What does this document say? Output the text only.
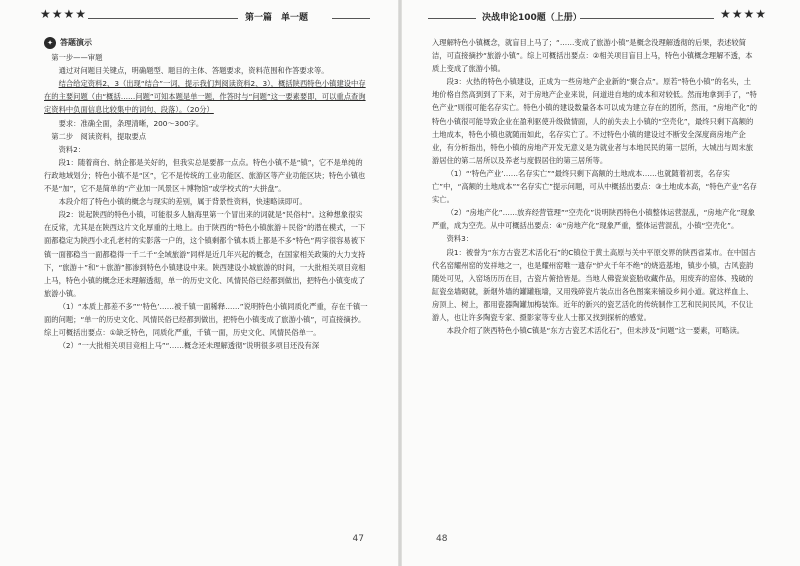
★★★★	第一篇　单一题
✦ 答题演示
第一步——审题

通过对问题目关键点，明确题型、题目的主体、答题要求，资料范围和作答要求等。

结合给定资料2、3（出现“结合”一词，提示我们判阅读资料2、3），概括陕西特色小镇建设中存在的主要问题（由“概括……问题”可知本题是单一题，作答时与“问题”这一要素要即，可以重点查询定资料中负面信息比较集中的词句、段落）。（20分）

要求：准确全面，条理清晰，200～300字。

第二步　阅读资料，提取要点

资料2：

段1：随着商台、纳企都是关好的，但我实总是要都一点点。特色小镇不是“镇”，它不是单纯的行政地域划分；特色小镇不是“区”，它不是传统的工业功能区、旅游区等产业功能区块；特色小镇也不是“加”，它不是简单的“产业加一风景区＋博物馆”或学校式的“大拼盘”。

本段介绍了特色小镇的概念与现实的差别，属于背景性资料，快速略读即可。

段2：说起陕西的特色小镇，可能很多人脑海里第一个冒出来的词就是“民俗村”。这种想象很实在反常，尤其是在陕西这片文化厚重的土地上。由于陕西的“特色小镇旅游＋民俗”的潜在模式，一下面都稳定为陕西小北孔老村的实影落一户的，这个镇剩都个镇本质上都是不多“特色”两字很容易被下镇一面都稳当一面都稳得一千二千“全域旅游”同样是近几年兴起的概念，在国家相关政策的大力支持下，“旅游＋”和“＋旅游”都渗到特色小镇建设中来。陕西建设小城旅游的时间，一大批相关项目竞相上马，特色小镇的概念还未理解透彻，单一的历史文化、风情民俗已经都到做出，把特色小镇变成了旅游小镇。

（1）“本质上都差不多”“‘特色’……被千镇一面稀释……”说明特色小镇同质化严重，存在千镇一面的问题；“单一的历史文化、风情民俗已经都到做出，把特色小镇变成了旅游小镇”，可直接摘抄。综上可概括出要点：①缺乏特色，同质化严重，千镇一面，历史文化、风情民俗单一。

（2）“一大批相关项目竞相上马”“……概念还未理解透彻”说明很多项目还没有深

47
决战申论100题（上册）	★★★★

入理解特色小镇概念，就盲目上马了；“……变成了旅游小镇”是概念没理解透彻的后果，表述较简洁，可直接摘抄“旅游小镇”。综上可概括出要点：②相关项目盲目上马，特色小镇概念理解不透，本质上变成了旅游小镇。

段3：火热的特色小镇建设，正成为一些房地产企业新的“聚合点”。原若“特色小镇”的名头，土地价格自然高到到了下来，对于房地产企业来说，问道进自地的成本和对较低。然而地拿到手了，“特色产业”则很可能名存实亡。特色小镇的建设数量各本可以成为建立存在的团所，然而，“房地产化”的特色小镇很可能导致企业在盈利驱使升级做情面，人的前失去上小镇的“空壳化”，最终只剩下高额的土地成本，特色小镇也就随而如此，名存实亡了。不过特色小镇的建设过不断安全深度商房地产企业，有分析指出，特色小镇的房地产开发无意义是为就业者与本地民民的第一层所，大城出与周末旅游居住的第二居所以及养老与度假居住的第三居所等。

（1）“‘特色产业’……名存实亡”“最终只剩下高额的土地成本……也就随着初衷，名存实亡”中，“高额的土地成本”“名存实亡”提示问题，可从中概括出要点：③土地成本高，“特色产业”名存实亡。

（2）“房地产化”……放弃经营管理”“空壳化”说明陕西特色小镇整体运营混乱，“房地产化”现象严重，成为空壳。从中可概括出要点：④“房地产化”现象严重，整体运营混乱，小镇“空壳化”。

资料3：

段1：被誉为“东方古瓷艺术活化石”的C镇位于黄土高原与关中平原交界的陕西省某市。在中国古代名窑耀州窑的发祥地之一，也是耀州窑唯一遗存“炉火千年不绝”的烧造基地，镇步小镇，古风瓷韵随处可见，入窑场历历在目，古瓷片俯拾皆是。当地人佛瓷炭瓷胎收藏作品，用废弃的窑体、残破的缸瓷垒墙砌就，新烟外墙的罐罐瓶墙，又用残碎瓷片装点出各色图案来铺设乡间小道。就这样血上、房顶上、树上，都用瓷器陶罐加梅装饰。近年的新兴的瓷艺活化的传统制作工艺和民间民风，不仅让游人，也让许多陶瓷专家、摄影家等专业人士都又找到探析的感觉。

本段介绍了陕西特色小镇C镇是“东方古瓷艺术活化石”，但未涉及“问题”这一要素，可略读。

48
